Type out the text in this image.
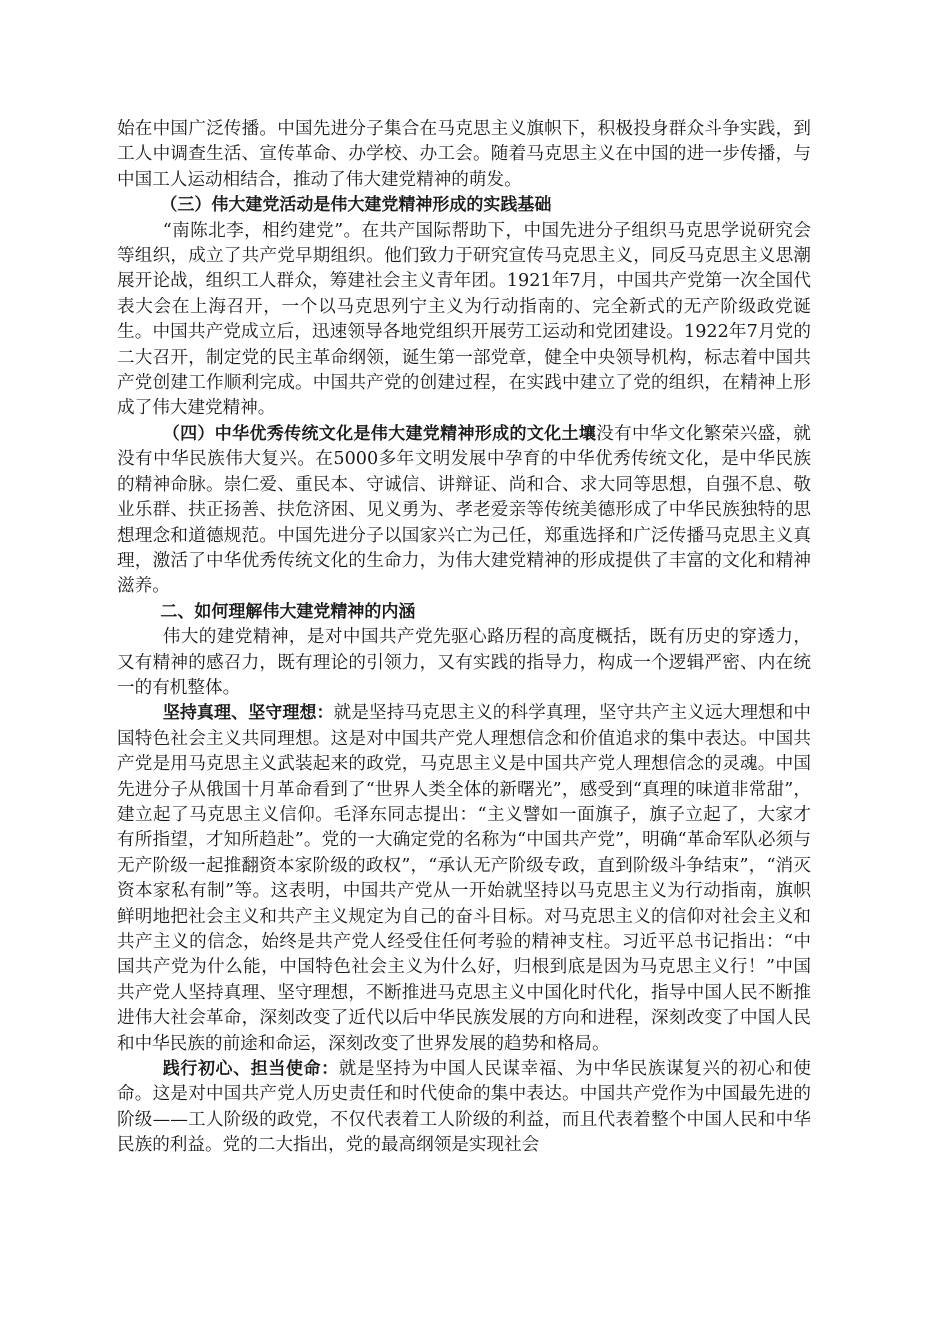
始在中国广泛传播。中国先进分子集合在马克思主义旗帜下，积极投身群众斗争实践，到工人中调查生活、宣传革命、办学校、办工会。随着马克思主义在中国的进一步传播，与中国工人运动相结合，推动了伟大建党精神的萌发。

（三）伟大建党活动是伟大建党精神形成的实践基础

“南陈北李，相约建党”。在共产国际帮助下，中国先进分子组织马克思学说研究会等组织，成立了共产党早期组织。他们致力于研究宣传马克思主义，同反马克思主义思潮展开论战，组织工人群众，筹建社会主义青年团。1921年7月，中国共产党第一次全国代表大会在上海召开，一个以马克思列宁主义为行动指南的、完全新式的无产阶级政党诞生。中国共产党成立后，迅速领导各地党组织开展劳工运动和党团建设。1922年7月党的二大召开，制定党的民主革命纲领，诞生第一部党章，健全中央领导机构，标志着中国共产党创建工作顺利完成。中国共产党的创建过程，在实践中建立了党的组织，在精神上形成了伟大建党精神。

（四）中华优秀传统文化是伟大建党精神形成的文化土壤没有中华文化繁荣兴盛，就没有中华民族伟大复兴。在5000多年文明发展中孕育的中华优秀传统文化，是中华民族的精神命脉。崇仁爱、重民本、守诚信、讲辩证、尚和合、求大同等思想，自强不息、敬业乐群、扶正扬善、扶危济困、见义勇为、孝老爱亲等传统美德形成了中华民族独特的思想理念和道德规范。中国先进分子以国家兴亡为己任，郑重选择和广泛传播马克思主义真理，激活了中华优秀传统文化的生命力，为伟大建党精神的形成提供了丰富的文化和精神滋养。

二、如何理解伟大建党精神的内涵

伟大的建党精神，是对中国共产党先驱心路历程的高度概括，既有历史的穿透力，又有精神的感召力，既有理论的引领力，又有实践的指导力，构成一个逻辑严密、内在统一的有机整体。

坚持真理、坚守理想：就是坚持马克思主义的科学真理，坚守共产主义远大理想和中国特色社会主义共同理想。这是对中国共产党人理想信念和价值追求的集中表达。中国共产党是用马克思主义武装起来的政党，马克思主义是中国共产党人理想信念的灵魂。中国先进分子从俄国十月革命看到了“世界人类全体的新曙光”，感受到“真理的味道非常甜”，建立起了马克思主义信仰。毛泽东同志提出：“主义譬如一面旗子，旗子立起了，大家才有所指望，才知所趋赴”。党的一大确定党的名称为“中国共产党”，明确“革命军队必须与无产阶级一起推翻资本家阶级的政权”，“承认无产阶级专政，直到阶级斗争结束”，“消灭资本家私有制”等。这表明，中国共产党从一开始就坚持以马克思主义为行动指南，旗帜鲜明地把社会主义和共产主义规定为自己的奋斗目标。对马克思主义的信仰对社会主义和共产主义的信念，始终是共产党人经受住任何考验的精神支柱。习近平总书记指出：“中国共产党为什么能，中国特色社会主义为什么好，归根到底是因为马克思主义行！”中国共产党人坚持真理、坚守理想，不断推进马克思主义中国化时代化，指导中国人民不断推进伟大社会革命，深刻改变了近代以后中华民族发展的方向和进程，深刻改变了中国人民和中华民族的前途和命运，深刻改变了世界发展的趋势和格局。

践行初心、担当使命：就是坚持为中国人民谋幸福、为中华民族谋复兴的初心和使命。这是对中国共产党人历史责任和时代使命的集中表达。中国共产党作为中国最先进的阶级——工人阶级的政党，不仅代表着工人阶级的利益，而且代表着整个中国人民和中华民族的利益。党的二大指出，党的最高纲领是实现社会
